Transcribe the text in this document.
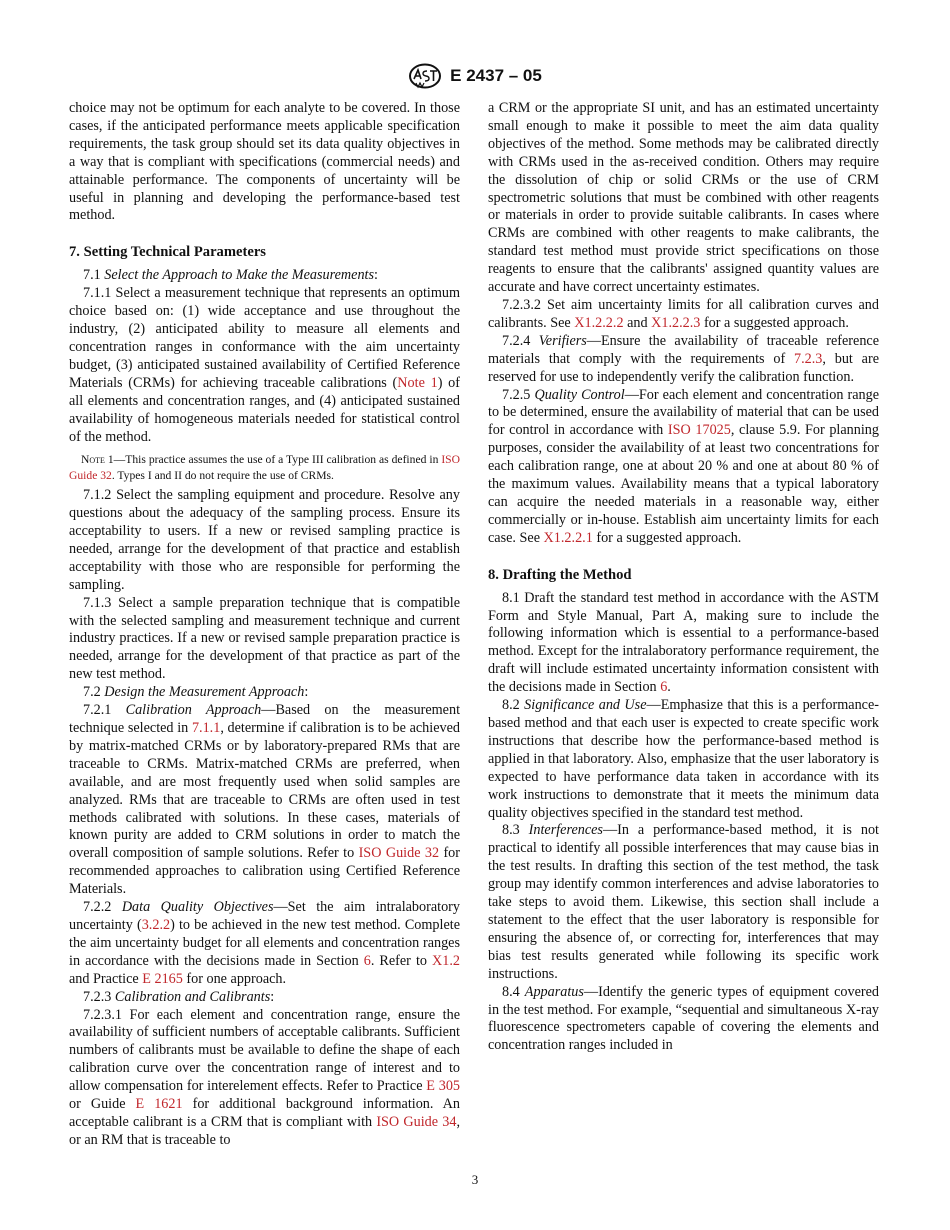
E 2437 – 05

choice may not be optimum for each analyte to be covered. In those cases, if the anticipated performance meets applicable specification requirements, the task group should set its data quality objectives in a way that is compliant with specifications (commercial needs) and attainable performance. The components of uncertainty will be useful in planning and developing the performance-based test method.

7. Setting Technical Parameters

7.1 Select the Approach to Make the Measurements:

7.1.1 Select a measurement technique that represents an optimum choice based on: (1) wide acceptance and use throughout the industry, (2) anticipated ability to measure all elements and concentration ranges in conformance with the aim uncertainty budget, (3) anticipated sustained availability of Certified Reference Materials (CRMs) for achieving traceable calibrations (Note 1) of all elements and concentration ranges, and (4) anticipated sustained availability of homogeneous materials needed for statistical control of the method.

Note 1—This practice assumes the use of a Type III calibration as defined in ISO Guide 32. Types I and II do not require the use of CRMs.

7.1.2 Select the sampling equipment and procedure. Resolve any questions about the adequacy of the sampling process. Ensure its acceptability to users. If a new or revised sampling practice is needed, arrange for the development of that practice and establish acceptability with those who are responsible for performing the sampling.

7.1.3 Select a sample preparation technique that is compatible with the selected sampling and measurement technique and current industry practices. If a new or revised sample preparation practice is needed, arrange for the development of that practice as part of the new test method.

7.2 Design the Measurement Approach:

7.2.1 Calibration Approach—Based on the measurement technique selected in 7.1.1, determine if calibration is to be achieved by matrix-matched CRMs or by laboratory-prepared RMs that are traceable to CRMs. Matrix-matched CRMs are preferred, when available, and are most frequently used when solid samples are analyzed. RMs that are traceable to CRMs are often used in test methods calibrated with solutions. In these cases, materials of known purity are added to CRM solutions in order to match the overall composition of sample solutions. Refer to ISO Guide 32 for recommended approaches to calibration using Certified Reference Materials.

7.2.2 Data Quality Objectives—Set the aim intralaboratory uncertainty (3.2.2) to be achieved in the new test method. Complete the aim uncertainty budget for all elements and concentration ranges in accordance with the decisions made in Section 6. Refer to X1.2 and Practice E 2165 for one approach.

7.2.3 Calibration and Calibrants:

7.2.3.1 For each element and concentration range, ensure the availability of sufficient numbers of acceptable calibrants. Sufficient numbers of calibrants must be available to define the shape of each calibration curve over the concentration range of interest and to allow compensation for interelement effects. Refer to Practice E 305 or Guide E 1621 for additional background information. An acceptable calibrant is a CRM that is compliant with ISO Guide 34, or an RM that is traceable to

a CRM or the appropriate SI unit, and has an estimated uncertainty small enough to make it possible to meet the aim data quality objectives of the method. Some methods may be calibrated directly with CRMs used in the as-received condition. Others may require the dissolution of chip or solid CRMs or the use of CRM spectrometric solutions that must be combined with other reagents or materials in order to provide suitable calibrants. In cases where CRMs are combined with other reagents to make calibrants, the standard test method must provide strict specifications on those reagents to ensure that the calibrants' assigned quantity values are accurate and have correct uncertainty estimates.

7.2.3.2 Set aim uncertainty limits for all calibration curves and calibrants. See X1.2.2.2 and X1.2.2.3 for a suggested approach.

7.2.4 Verifiers—Ensure the availability of traceable reference materials that comply with the requirements of 7.2.3, but are reserved for use to independently verify the calibration function.

7.2.5 Quality Control—For each element and concentration range to be determined, ensure the availability of material that can be used for control in accordance with ISO 17025, clause 5.9. For planning purposes, consider the availability of at least two concentrations for each calibration range, one at about 20 % and one at about 80 % of the maximum values. Availability means that a typical laboratory can acquire the needed materials in a reasonable way, either commercially or in-house. Establish aim uncertainty limits for each case. See X1.2.2.1 for a suggested approach.

8. Drafting the Method

8.1 Draft the standard test method in accordance with the ASTM Form and Style Manual, Part A, making sure to include the following information which is essential to a performance-based method. Except for the intralaboratory performance requirement, the draft will include estimated uncertainty information consistent with the decisions made in Section 6.

8.2 Significance and Use—Emphasize that this is a performance-based method and that each user is expected to create specific work instructions that describe how the performance-based method is applied in that laboratory. Also, emphasize that the user laboratory is expected to have performance data taken in accordance with its work instructions to demonstrate that it meets the minimum data quality objectives specified in the standard test method.

8.3 Interferences—In a performance-based method, it is not practical to identify all possible interferences that may cause bias in the test results. In drafting this section of the test method, the task group may identify common interferences and advise laboratories to take steps to avoid them. Likewise, this section shall include a statement to the effect that the user laboratory is responsible for ensuring the absence of, or correcting for, interferences that may bias test results generated while following its specific work instructions.

8.4 Apparatus—Identify the generic types of equipment covered in the test method. For example, “sequential and simultaneous X-ray fluorescence spectrometers capable of covering the elements and concentration ranges included in

3
